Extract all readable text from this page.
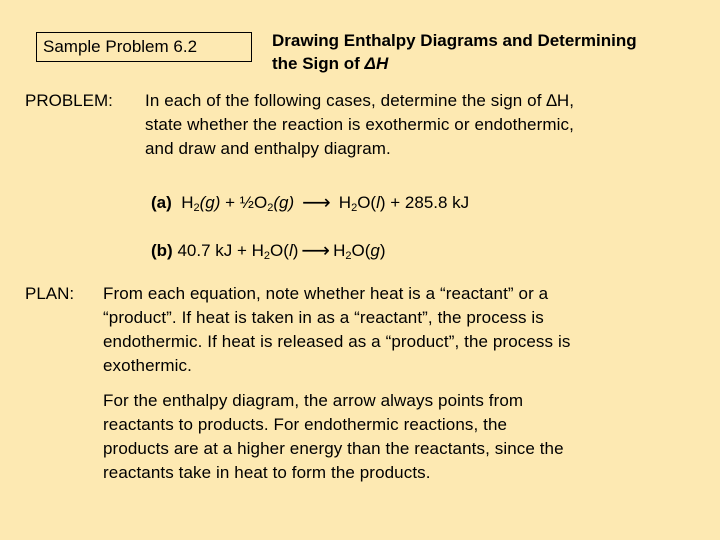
Sample Problem 6.2	Drawing Enthalpy Diagrams and Determining
the Sign of ΔH
PROBLEM: In each of the following cases, determine the sign of ∆H,
state whether the reaction is exothermic or endothermic,
and draw and enthalpy diagram.
(a) $H_2(g)$ + $\frac{1}{2}O_2(g)$ ⟶ $H_2O(l) + 285.8$ kJ
(b) 40.7 kJ + $H_2O(l)$ ⟶ $H_2O(g)$
PLAN: From each equation, note whether heat is a “reactant” or a
“product”. If heat is taken in as a “reactant”, the process is
endothermic. If heat is released as a “product”, the process is
exothermic.
For the enthalpy diagram, the arrow always points from
reactants to products. For endothermic reactions, the
products are at a higher energy than the reactants, since the
reactants take in heat to form the products.
